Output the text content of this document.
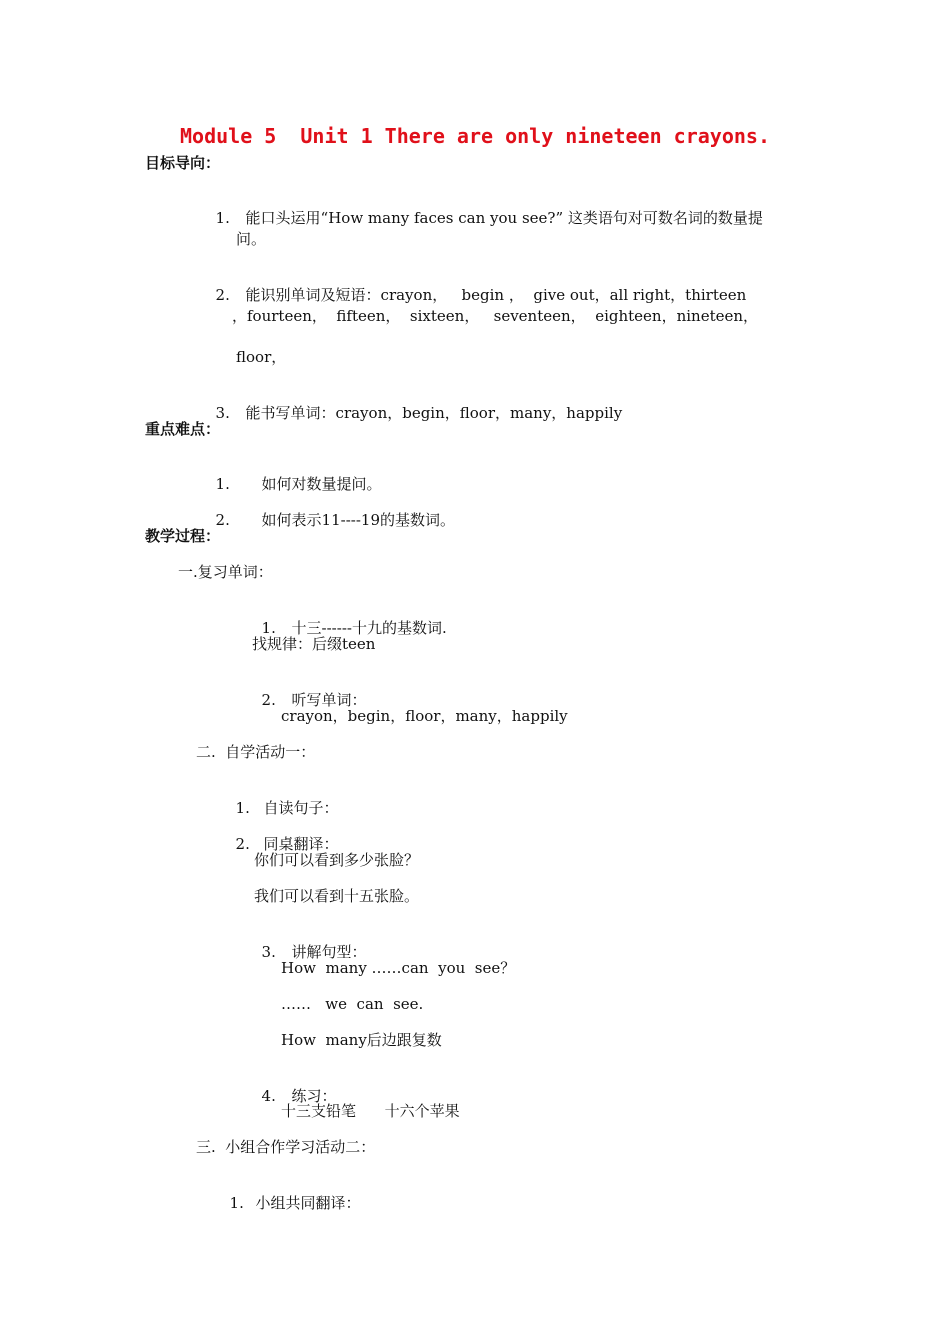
Module 5  Unit 1 There are only nineteen crayons.
目标导向：

1. 能口头运用“How many faces can you see?” 这类语句对可数名词的数量提

问。

2. 能识别单词及短语：crayon，   begin ，  give out，all right，thirteen

，fourteen，  fifteen，  sixteen，   seventeen，  eighteen，nineteen，
floor，

3. 能书写单词：crayon，begin，floor，many，happily

重点难点：

1. 如何对数量提问。

2. 如何表示11----19的基数词。

教学过程：
一.复习单词：

1. 十三------十九的基数词.

找规律：后缀teen

2. 听写单词：

crayon，begin，floor，many，happily
二.  自学活动一：

1. 自读句子：

2. 同桌翻译：

你们可以看到多少张脸？
我们可以看到十五张脸。

3. 讲解句型：

How  many ……can  you  see？
……   we  can  see.
How  many后边跟复数

4. 练习：

十三支铅笔      十六个苹果
三.  小组合作学习活动二：

1. 小组共同翻译：
